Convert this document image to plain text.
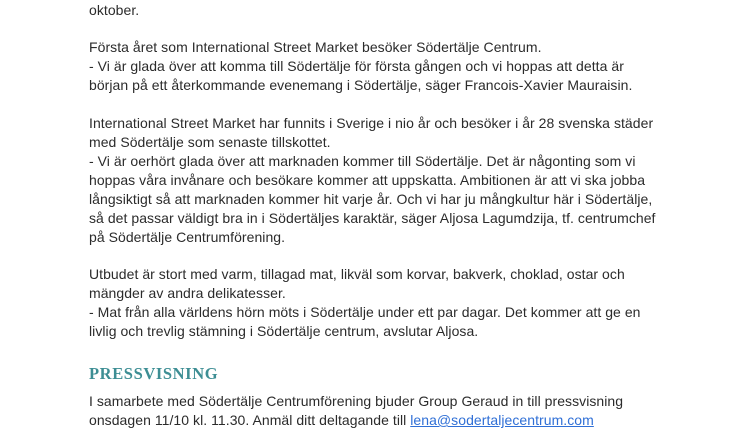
oktober.
Första året som International Street Market besöker Södertälje Centrum.
- Vi är glada över att komma till Södertälje för första gången och vi hoppas att detta är
början på ett återkommande evenemang i Södertälje, säger Francois-Xavier Mauraisin.
International Street Market har funnits i Sverige i nio år och besöker i år 28 svenska städer
med Södertälje som senaste tillskottet.
- Vi är oerhört glada över att marknaden kommer till Södertälje. Det är någonting som vi
hoppas våra invånare och besökare kommer att uppskatta. Ambitionen är att vi ska jobba
långsiktigt så att marknaden kommer hit varje år. Och vi har ju mångkultur här i Södertälje,
så det passar väldigt bra in i Södertäljes karaktär, säger Aljosa Lagumdzija, tf. centrumchef
på Södertälje Centrumförening.
Utbudet är stort med varm, tillagad mat, likväl som korvar, bakverk, choklad, ostar och
mängder av andra delikatesser.
- Mat från alla världens hörn möts i Södertälje under ett par dagar. Det kommer att ge en
livlig och trevlig stämning i Södertälje centrum, avslutar Aljosa.
PRESSVISNING
I samarbete med Södertälje Centrumförening bjuder Group Geraud in till pressvisning
onsdagen 11/10 kl. 11.30. Anmäl ditt deltagande till lena@sodertaljecentrum.com
